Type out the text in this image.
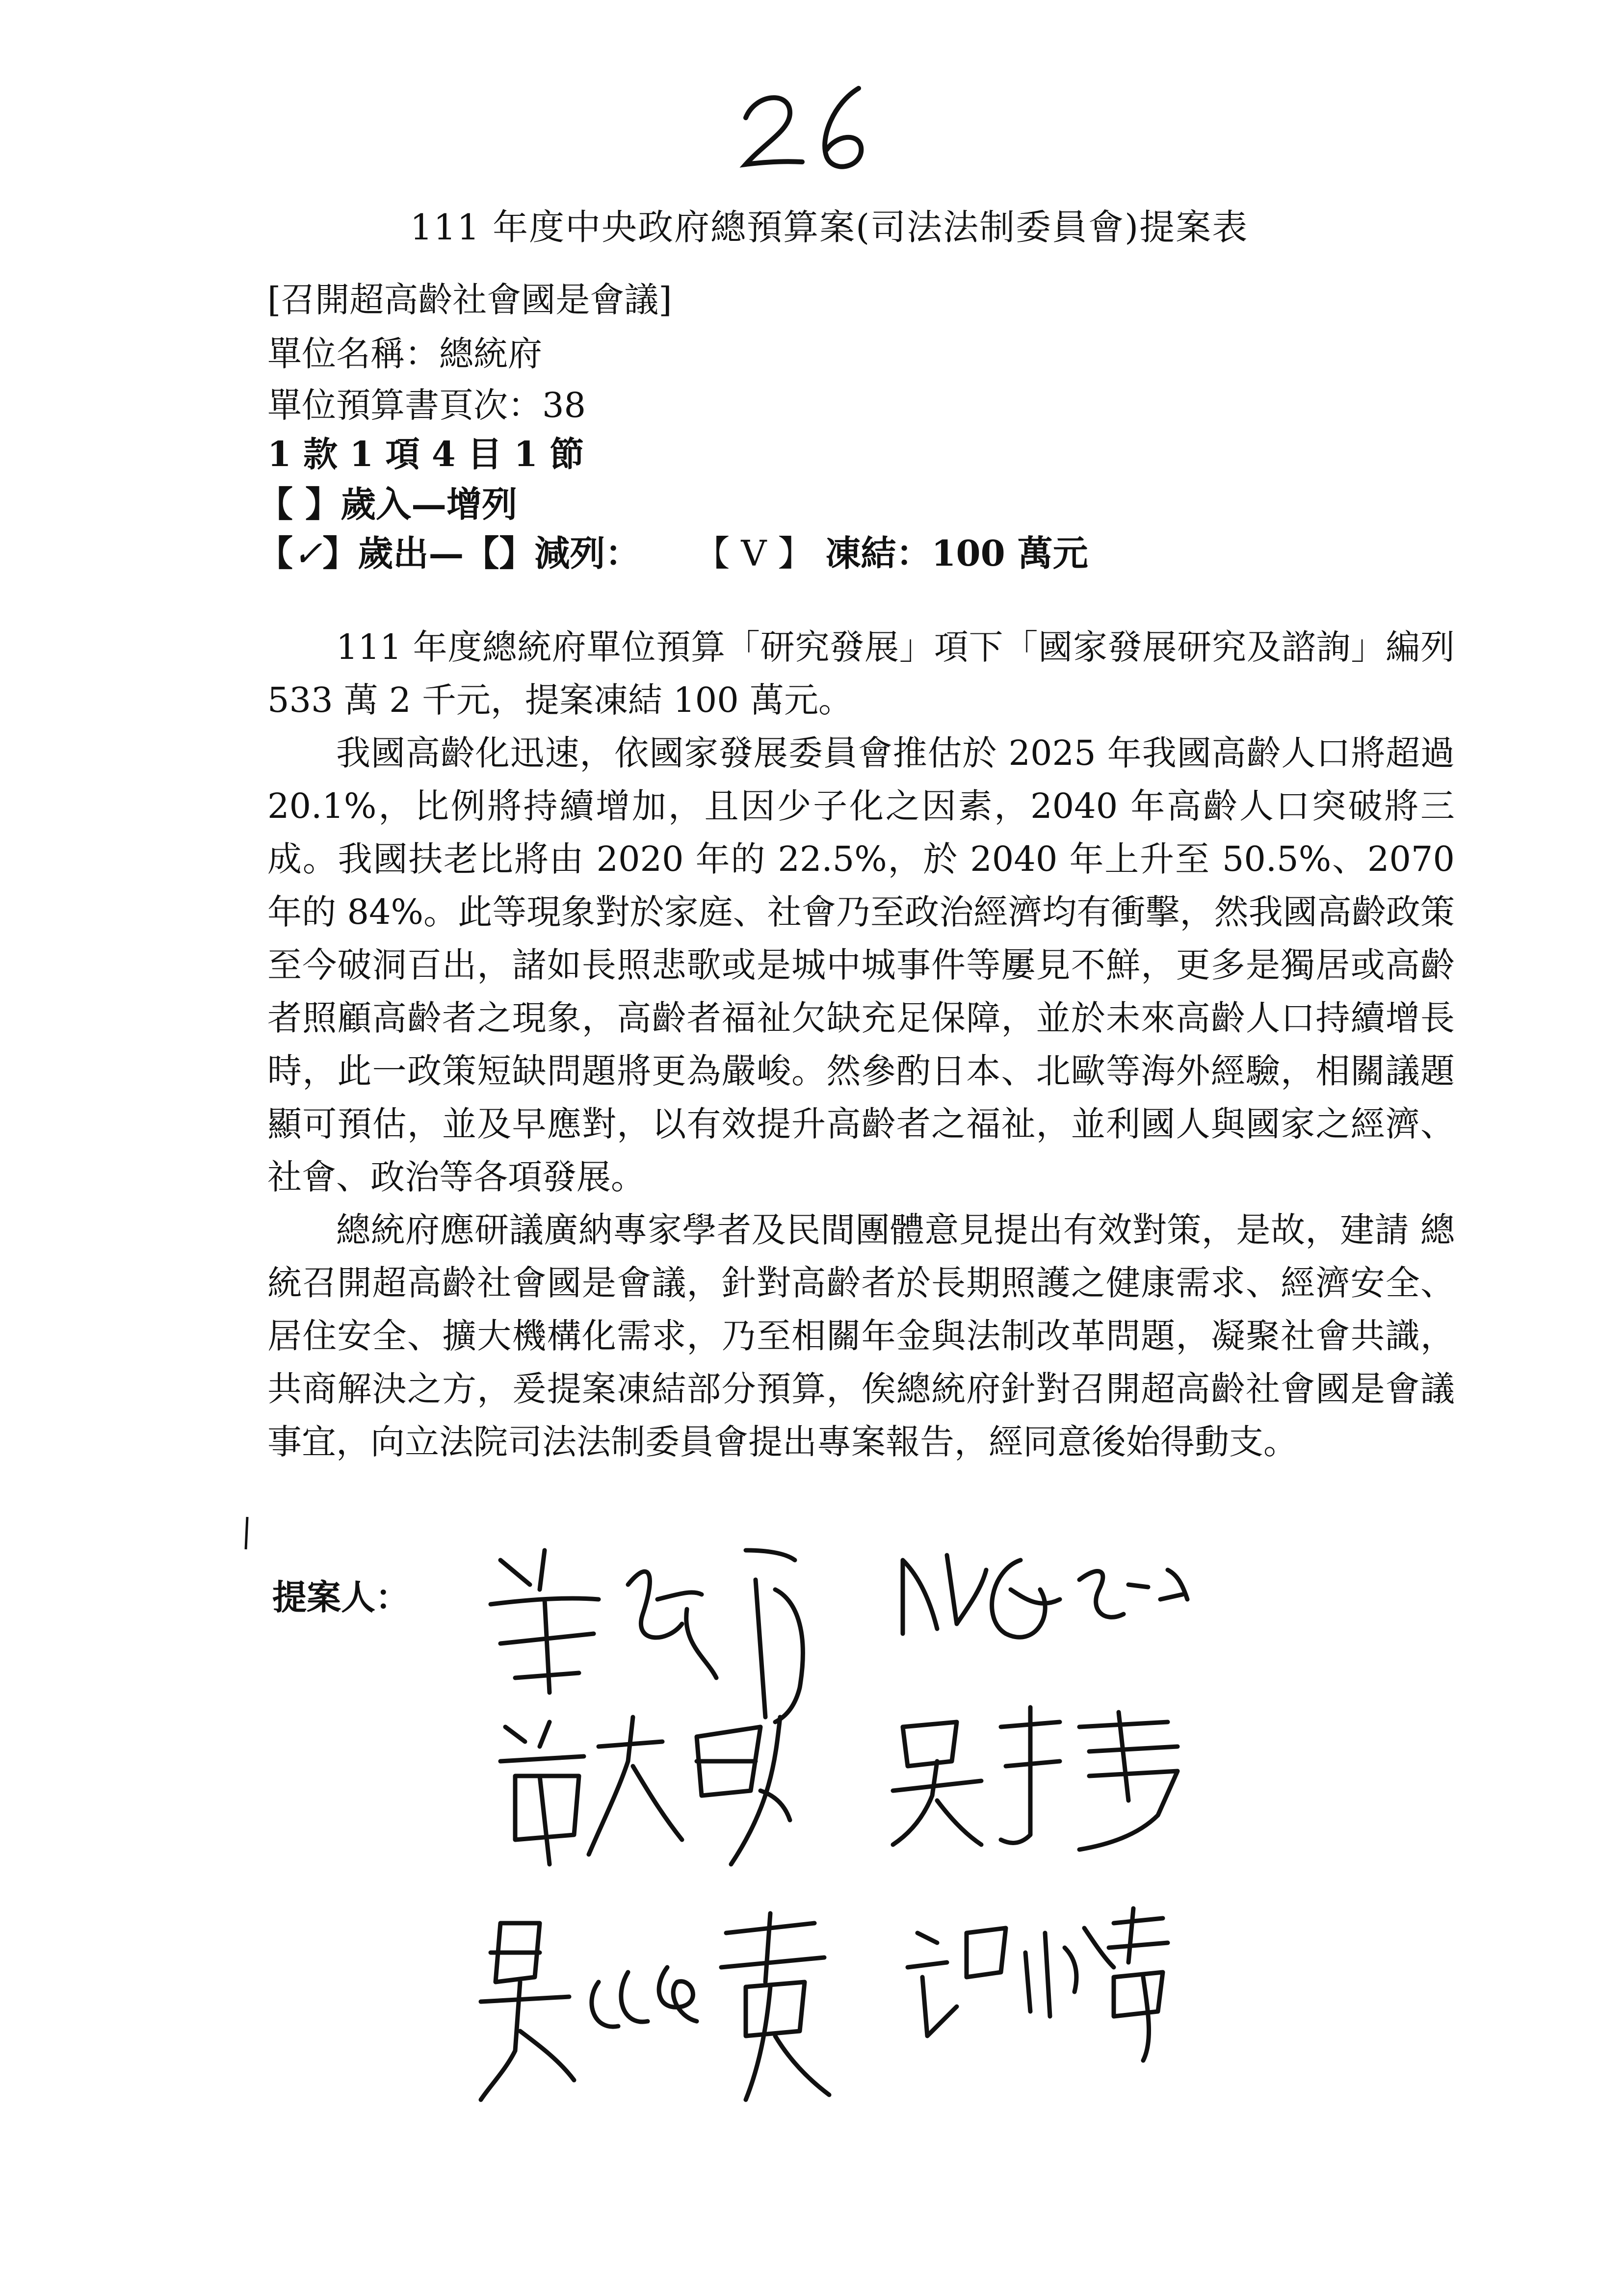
111 年度中央政府總預算案(司法法制委員會)提案表
[召開超高齡社會國是會議]
單位名稱：總統府
單位預算書頁次：38
1 款 1 項 4 目 1 節
【 】歲入—增列
【✓】歲出—【】減列： 【 V 】 凍結：100 萬元

111 年度總統府單位預算「研究發展」項下「國家發展研究及諮詢」編列 533 萬 2 千元，提案凍結 100 萬元。

我國高齡化迅速，依國家發展委員會推估於 2025 年我國高齡人口將超過 20.1%，比例將持續增加，且因少子化之因素，2040 年高齡人口突破將三成。我國扶老比將由 2020 年的 22.5%，於 2040 年上升至 50.5%、2070 年的 84%。此等現象對於家庭、社會乃至政治經濟均有衝擊，然我國高齡政策至今破洞百出，諸如長照悲歌或是城中城事件等屢見不鮮，更多是獨居或高齡者照顧高齡者之現象，高齡者福祉欠缺充足保障，並於未來高齡人口持續增長時，此一政策短缺問題將更為嚴峻。然參酌日本、北歐等海外經驗，相關議題顯可預估，並及早應對，以有效提升高齡者之福祉，並利國人與國家之經濟、社會、政治等各項發展。

總統府應研議廣納專家學者及民間團體意見提出有效對策，是故，建請 總統召開超高齡社會國是會議，針對高齡者於長期照護之健康需求、經濟安全、居住安全、擴大機構化需求，乃至相關年金與法制改革問題，凝聚社會共識，共商解決之方，爰提案凍結部分預算，俟總統府針對召開超高齡社會國是會議事宜，向立法院司法法制委員會提出專案報告，經同意後始得動支。

提案人：
